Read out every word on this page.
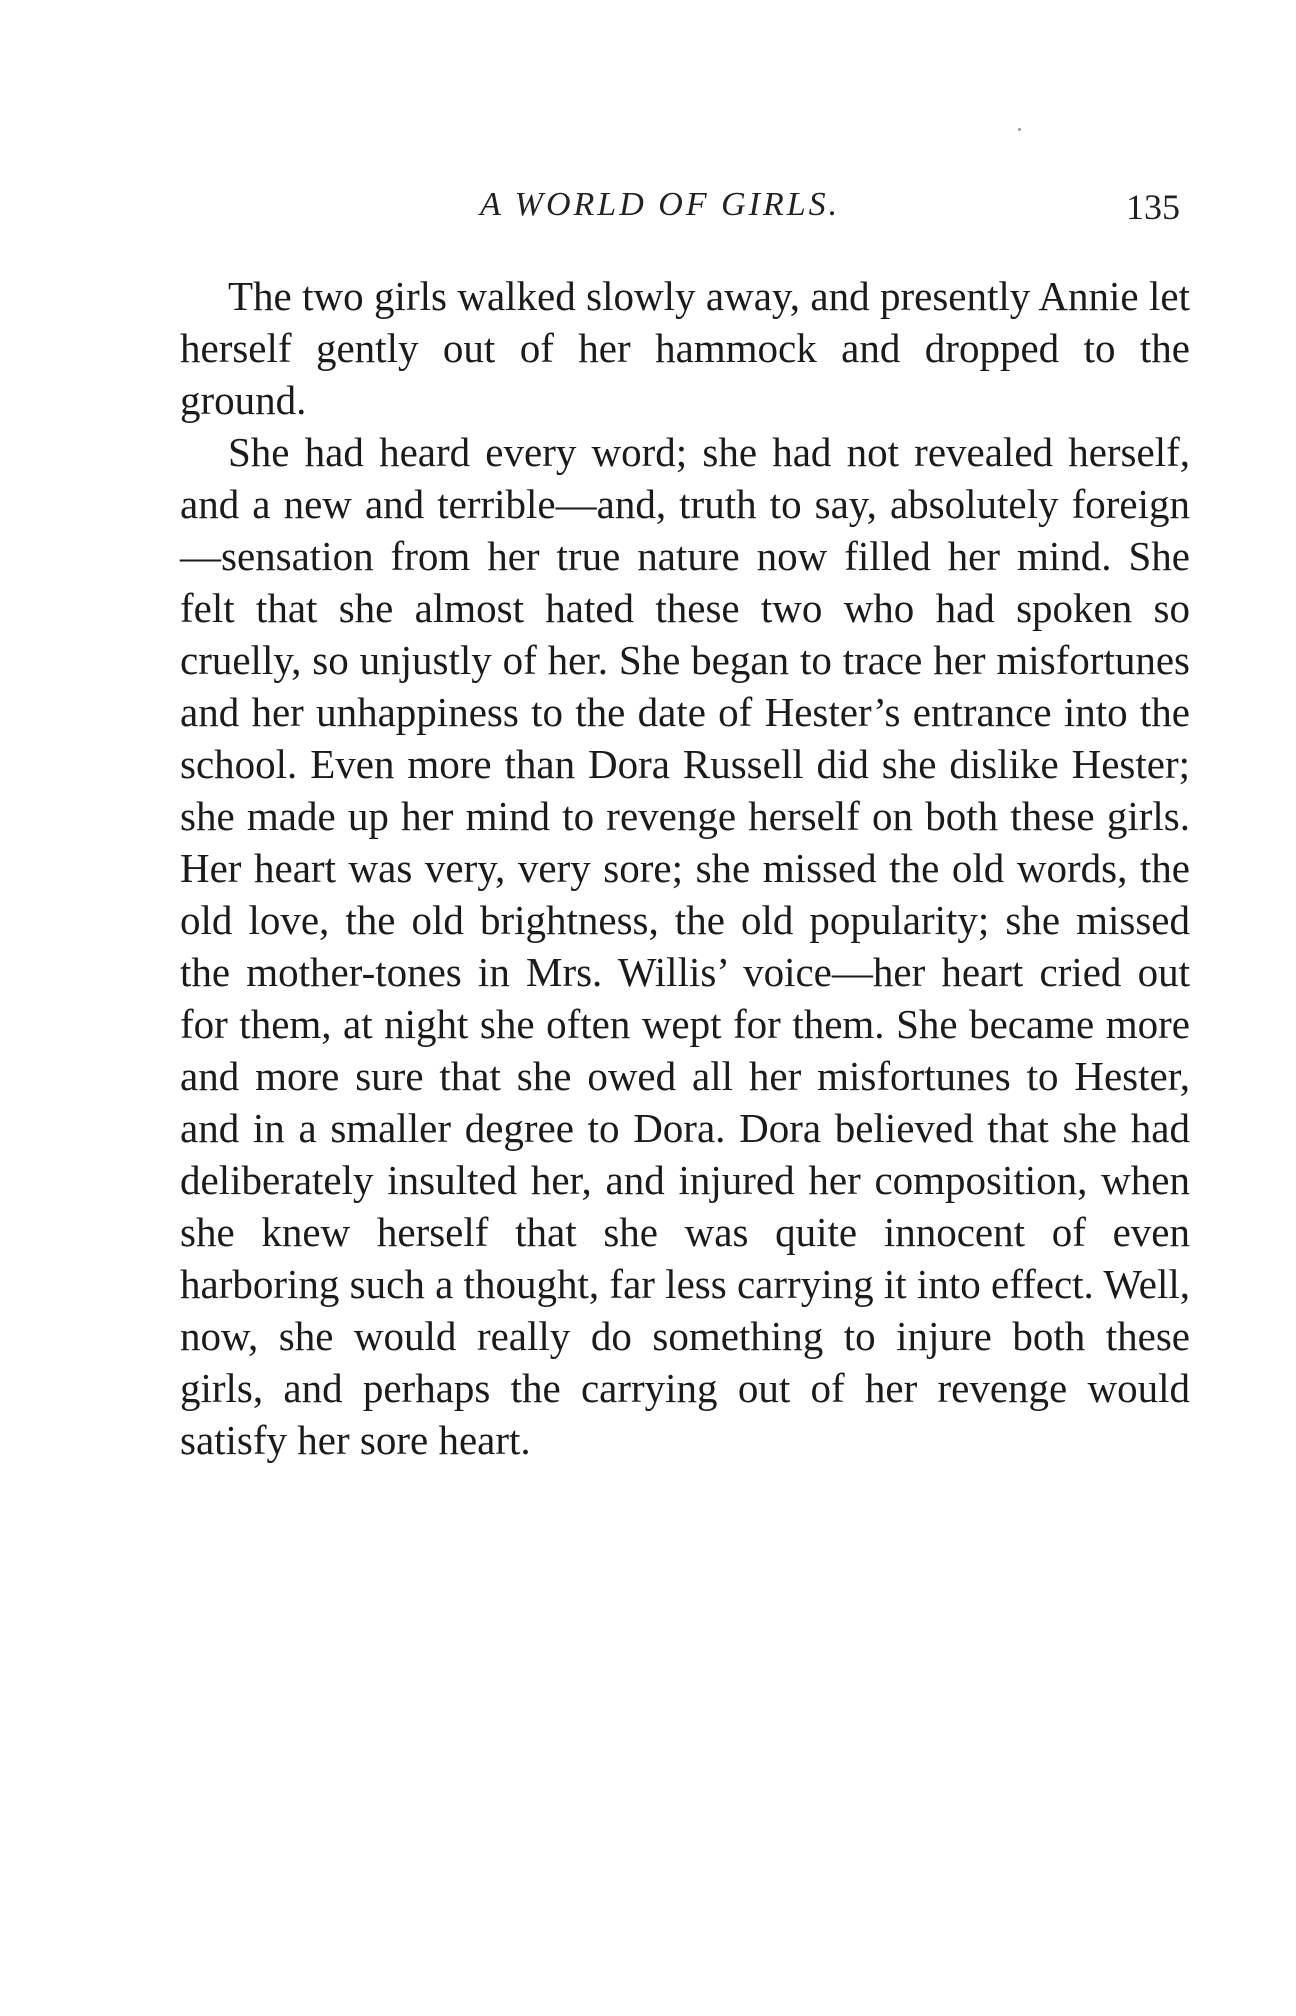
A WORLD OF GIRLS.	135

The two girls walked slowly away, and presently Annie let herself gently out of her hammock and dropped to the ground.

She had heard every word; she had not revealed herself, and a new and terrible—and, truth to say, absolutely foreign—sensation from her true nature now filled her mind. She felt that she almost hated these two who had spoken so cruelly, so unjustly of her. She began to trace her misfortunes and her unhappiness to the date of Hester’s entrance into the school. Even more than Dora Russell did she dislike Hester; she made up her mind to revenge herself on both these girls. Her heart was very, very sore; she missed the old words, the old love, the old brightness, the old popularity; she missed the mother-tones in Mrs. Willis’ voice—her heart cried out for them, at night she often wept for them. She became more and more sure that she owed all her misfortunes to Hester, and in a smaller degree to Dora. Dora believed that she had deliberately insulted her, and injured her composition, when she knew herself that she was quite innocent of even harboring such a thought, far less carrying it into effect. Well, now, she would really do something to injure both these girls, and perhaps the carrying out of her revenge would satisfy her sore heart.
